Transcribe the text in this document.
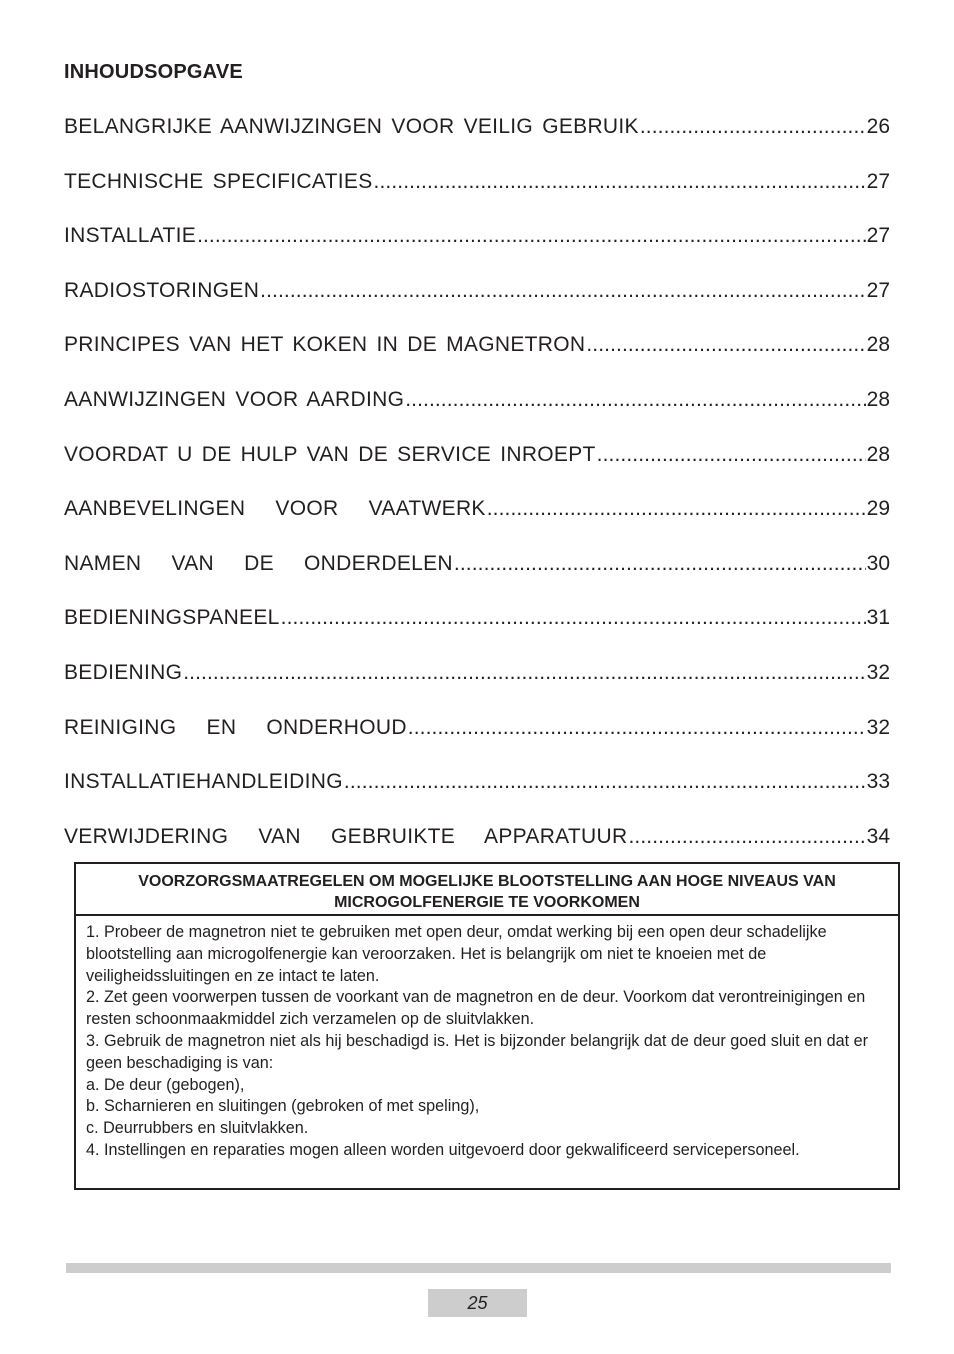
INHOUDSOPGAVE
BELANGRIJKE AANWIJZINGEN VOOR VEILIG GEBRUIK .....	26
TECHNISCHE SPECIFICATIES .....	27
INSTALLATIE .....	27
RADIOSTORINGEN .....	27
PRINCIPES VAN HET KOKEN IN DE MAGNETRON .....	28
AANWIJZINGEN VOOR AARDING .....	28
VOORDAT U DE HULP VAN DE SERVICE INROEPT .....	28
AANBEVELINGEN VOOR VAATWERK .....	29
NAMEN VAN DE ONDERDELEN .....	30
BEDIENINGSPANEEL .....	31
BEDIENING .....	32
REINIGING EN ONDERHOUD .....	32
INSTALLATIEHANDLEIDING .....	33
VERWIJDERING VAN GEBRUIKTE APPARATUUR .....	34
VOORZORGSMAATREGELEN OM MOGELIJKE BLOOTSTELLING AAN HOGE NIVEAUS VAN
MICROGOLFENERGIE TE VOORKOMEN

1. Probeer de magnetron niet te gebruiken met open deur, omdat werking bij een open deur schadelijke blootstelling aan microgolfenergie kan veroorzaken. Het is belangrijk om niet te knoeien met de veiligheidssluitingen en ze intact te laten.

2. Zet geen voorwerpen tussen de voorkant van de magnetron en de deur. Voorkom dat verontreinigingen en resten schoonmaakmiddel zich verzamelen op de sluitvlakken.

3. Gebruik de magnetron niet als hij beschadigd is. Het is bijzonder belangrijk dat de deur goed sluit en dat er geen beschadiging is van:

a. De deur (gebogen),

b. Scharnieren en sluitingen (gebroken of met speling),

c. Deurrubbers en sluitvlakken.

4. Instellingen en reparaties mogen alleen worden uitgevoerd door gekwalificeerd servicepersoneel.

25
